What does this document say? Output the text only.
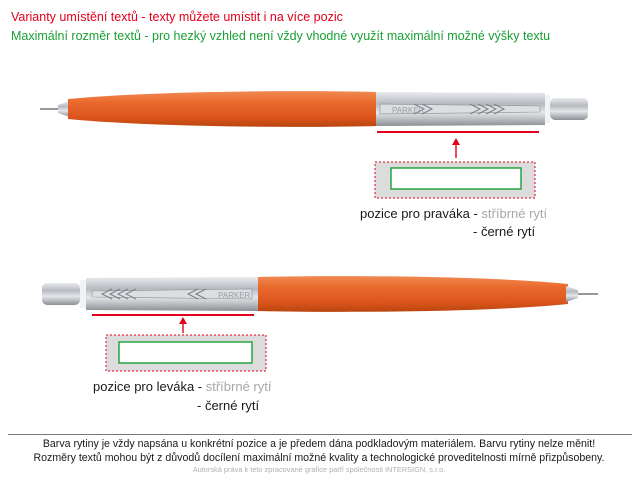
Varianty umístění textů - texty můžete umístit i na více pozic
Maximální rozměr textů - pro hezký vzhled není vždy vhodné využít maximální možné výšky textu
PARKER
pozice pro praváka - stříbrné rytí
- černé rytí
PARKER
pozice pro leváka - stříbrné rytí
- černé rytí
Barva rytiny je vždy napsána u konkrétní pozice a je předem dána podkladovým materiálem. Barvu rytiny nelze měnit!
Rozměry textů mohou být z důvodů docílení maximální možné kvality a technologické proveditelnosti mírně přizpůsobeny.
Autorská práva k této zpracované grafice patří společnosti INTERSIGN, s.r.o.
